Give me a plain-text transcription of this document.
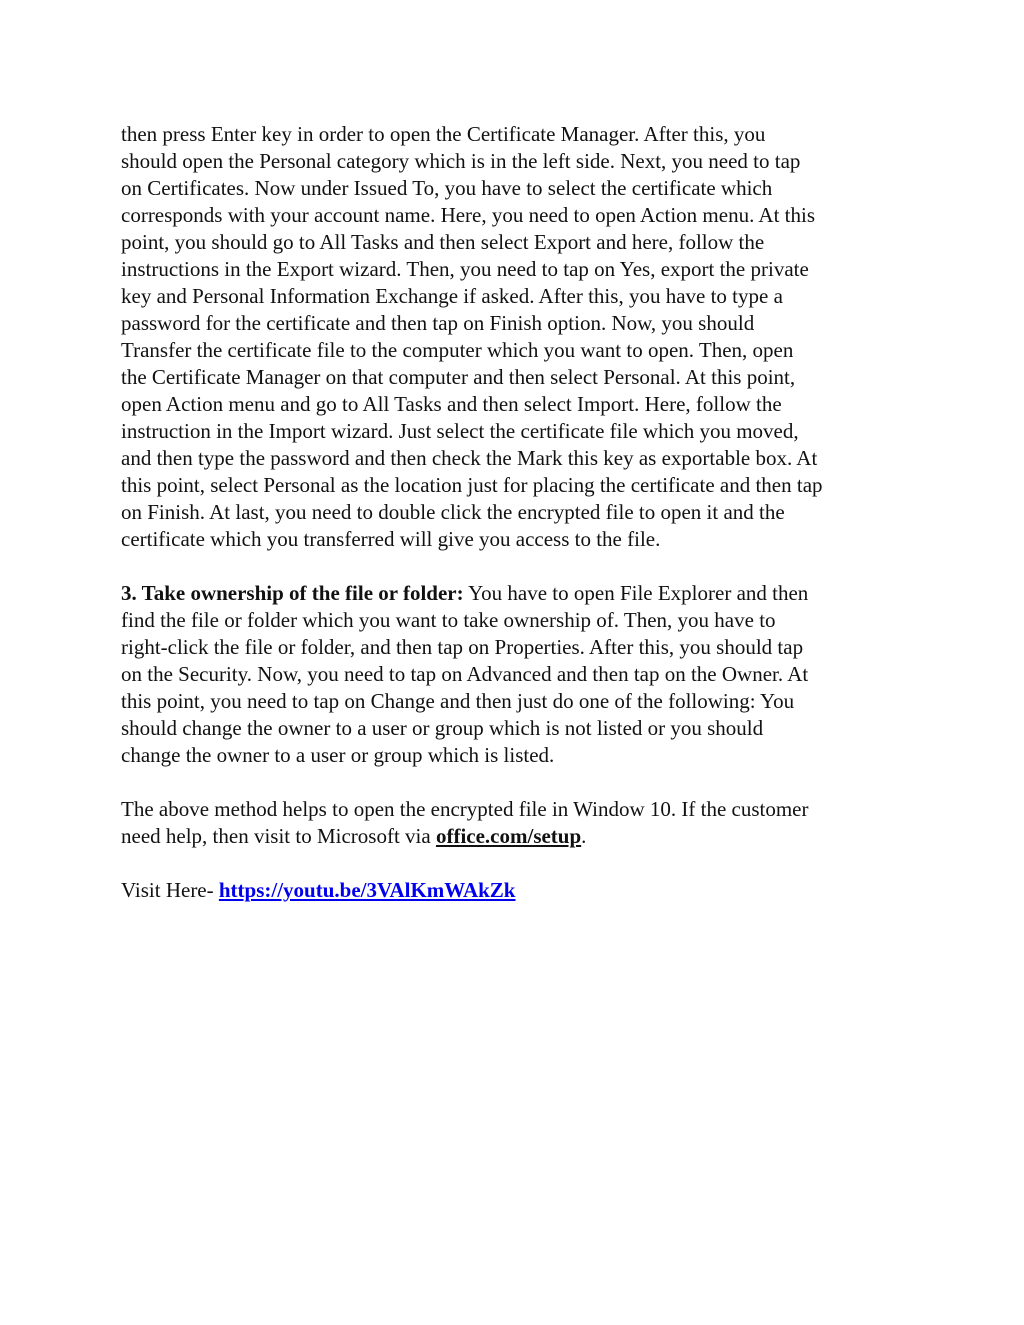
then press Enter key in order to open the Certificate Manager. After this, you
should open the Personal category which is in the left side. Next, you need to tap
on Certificates. Now under Issued To, you have to select the certificate which
corresponds with your account name. Here, you need to open Action menu. At this
point, you should go to All Tasks and then select Export and here, follow the
instructions in the Export wizard. Then, you need to tap on Yes, export the private
key and Personal Information Exchange if asked. After this, you have to type a
password for the certificate and then tap on Finish option. Now, you should
Transfer the certificate file to the computer which you want to open. Then, open
the Certificate Manager on that computer and then select Personal. At this point,
open Action menu and go to All Tasks and then select Import. Here, follow the
instruction in the Import wizard. Just select the certificate file which you moved,
and then type the password and then check the Mark this key as exportable box. At
this point, select Personal as the location just for placing the certificate and then tap
on Finish. At last, you need to double click the encrypted file to open it and the
certificate which you transferred will give you access to the file.
3. Take ownership of the file or folder: You have to open File Explorer and then
find the file or folder which you want to take ownership of. Then, you have to
right-click the file or folder, and then tap on Properties. After this, you should tap
on the Security. Now, you need to tap on Advanced and then tap on the Owner. At
this point, you need to tap on Change and then just do one of the following: You
should change the owner to a user or group which is not listed or you should
change the owner to a user or group which is listed.
The above method helps to open the encrypted file in Window 10. If the customer
need help, then visit to Microsoft via office.com/setup.
Visit Here- https://youtu.be/3VAlKmWAkZk
